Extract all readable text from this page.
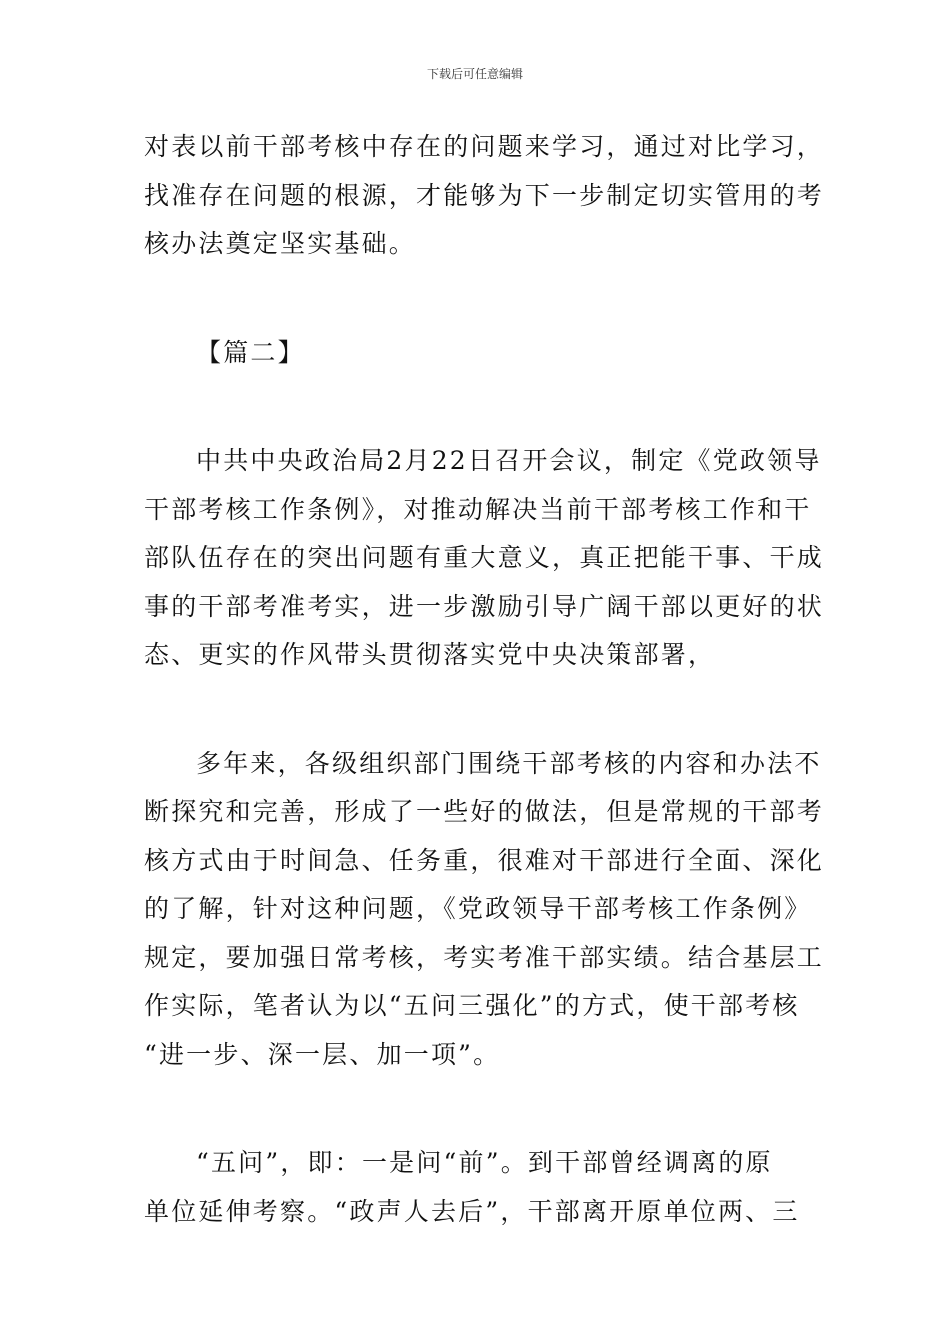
下载后可任意编辑
对表以前干部考核中存在的问题来学习，通过对比学习，
找准存在问题的根源，才能够为下一步制定切实管用的考
核办法奠定坚实基础。
【篇二】
中共中央政治局2月22日召开会议，制定《党政领导
干部考核工作条例》，对推动解决当前干部考核工作和干
部队伍存在的突出问题有重大意义，真正把能干事、干成
事的干部考准考实，进一步激励引导广阔干部以更好的状
态、更实的作风带头贯彻落实党中央决策部署，
多年来，各级组织部门围绕干部考核的内容和办法不
断探究和完善，形成了一些好的做法，但是常规的干部考
核方式由于时间急、任务重，很难对干部进行全面、深化
的了解，针对这种问题，《党政领导干部考核工作条例》
规定，要加强日常考核，考实考准干部实绩。结合基层工
作实际，笔者认为以“五问三强化”的方式，使干部考核
“进一步、深一层、加一项”。
“五问”，即：一是问“前”。到干部曾经调离的原
单位延伸考察。“政声人去后”，干部离开原单位两、三
